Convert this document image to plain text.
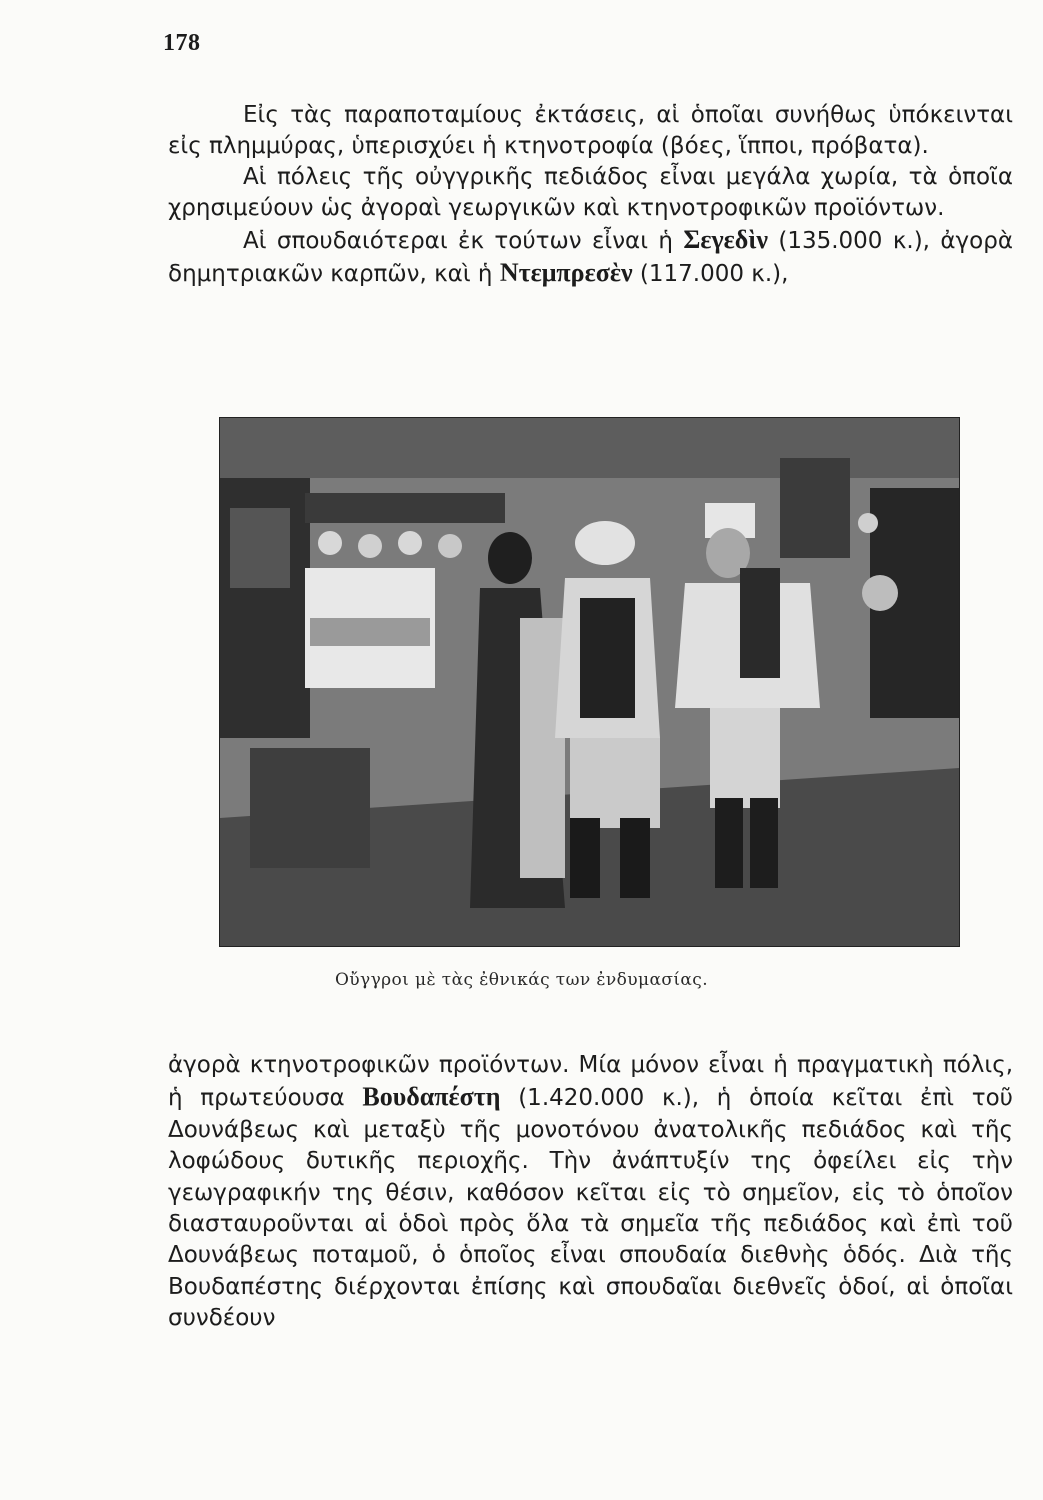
178

Εἰς τὰς παραποταμίους ἐκτάσεις, αἱ ὁποῖαι συνήθως ὑπόκεινται εἰς πλημμύρας, ὑπερισχύει ἡ κτηνοτροφία (βόες, ἵπποι, πρόβατα).

Αἱ πόλεις τῆς οὐγγρικῆς πεδιάδος εἶναι μεγάλα χωρία, τὰ ὁποῖα χρησιμεύουν ὡς ἀγοραὶ γεωργικῶν καὶ κτηνοτροφικῶν προϊόντων.

Αἱ σπουδαιότεραι ἐκ τούτων εἶναι ἡ Σεγεδὶν (135.000 κ.), ἀγορὰ δημητριακῶν καρπῶν, καὶ ἡ Ντεμπρεσὲν (117.000 κ.),

Οὔγγροι μὲ τὰς ἐθνικάς των ἐνδυμασίας.

ἀγορὰ κτηνοτροφικῶν προϊόντων. Μία μόνον εἶναι ἡ πραγματικὴ πόλις, ἡ πρωτεύουσα Βουδαπέστη (1.420.000 κ.), ἡ ὁποία κεῖται ἐπὶ τοῦ Δουνάβεως καὶ μεταξὺ τῆς μονοτόνου ἀνατολικῆς πεδιάδος καὶ τῆς λοφώδους δυτικῆς περιοχῆς. Τὴν ἀνάπτυξίν της ὀφείλει εἰς τὴν γεωγραφικήν της θέσιν, καθόσον κεῖται εἰς τὸ σημεῖον, εἰς τὸ ὁποῖον διασταυροῦνται αἱ ὁδοὶ πρὸς ὅλα τὰ σημεῖα τῆς πεδιάδος καὶ ἐπὶ τοῦ Δουνάβεως ποταμοῦ, ὁ ὁποῖος εἶναι σπουδαία διεθνὴς ὁδός. Διὰ τῆς Βουδαπέστης διέρχονται ἐπίσης καὶ σπουδαῖαι διεθνεῖς ὁδοί, αἱ ὁποῖαι συνδέουν
